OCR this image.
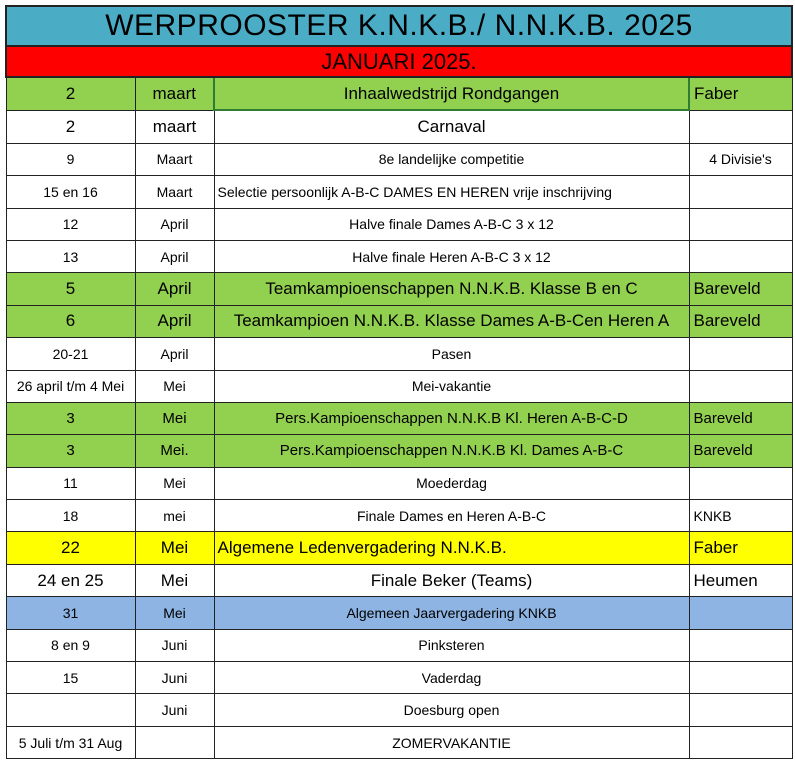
WERPROOSTER K.N.K.B./ N.N.K.B. 2025			
JANUARI 2025.			
2	maart	Inhaalwedstrijd Rondgangen	Faber
2	maart	Carnaval	
9	Maart	8e landelijke competitie	4 Divisie's
15 en 16	Maart	Selectie persoonlijk A-B-C DAMES EN HEREN vrije inschrijving	
12	April	Halve finale Dames A-B-C 3 x 12	
13	April	Halve finale Heren A-B-C 3 x 12	
5	April	Teamkampioenschappen N.N.K.B. Klasse B en C	Bareveld
6	April	Teamkampioen N.N.K.B. Klasse Dames A-B-Cen Heren A	Bareveld
20-21	April	Pasen	
26 april t/m 4 Mei	Mei	Mei-vakantie	
3	Mei	Pers.Kampioenschappen N.N.K.B Kl. Heren A-B-C-D	Bareveld
3	Mei.	Pers.Kampioenschappen N.N.K.B Kl. Dames A-B-C	Bareveld
11	Mei	Moederdag	
18	mei	Finale Dames en Heren A-B-C	KNKB
22	Mei	Algemene Ledenvergadering N.N.K.B.	Faber
24 en 25	Mei	Finale Beker (Teams)	Heumen
31	Mei	Algemeen Jaarvergadering KNKB	
8 en 9	Juni	Pinksteren	
15	Juni	Vaderdag	
	Juni	Doesburg open	
5 Juli t/m 31 Aug		ZOMERVAKANTIE	
